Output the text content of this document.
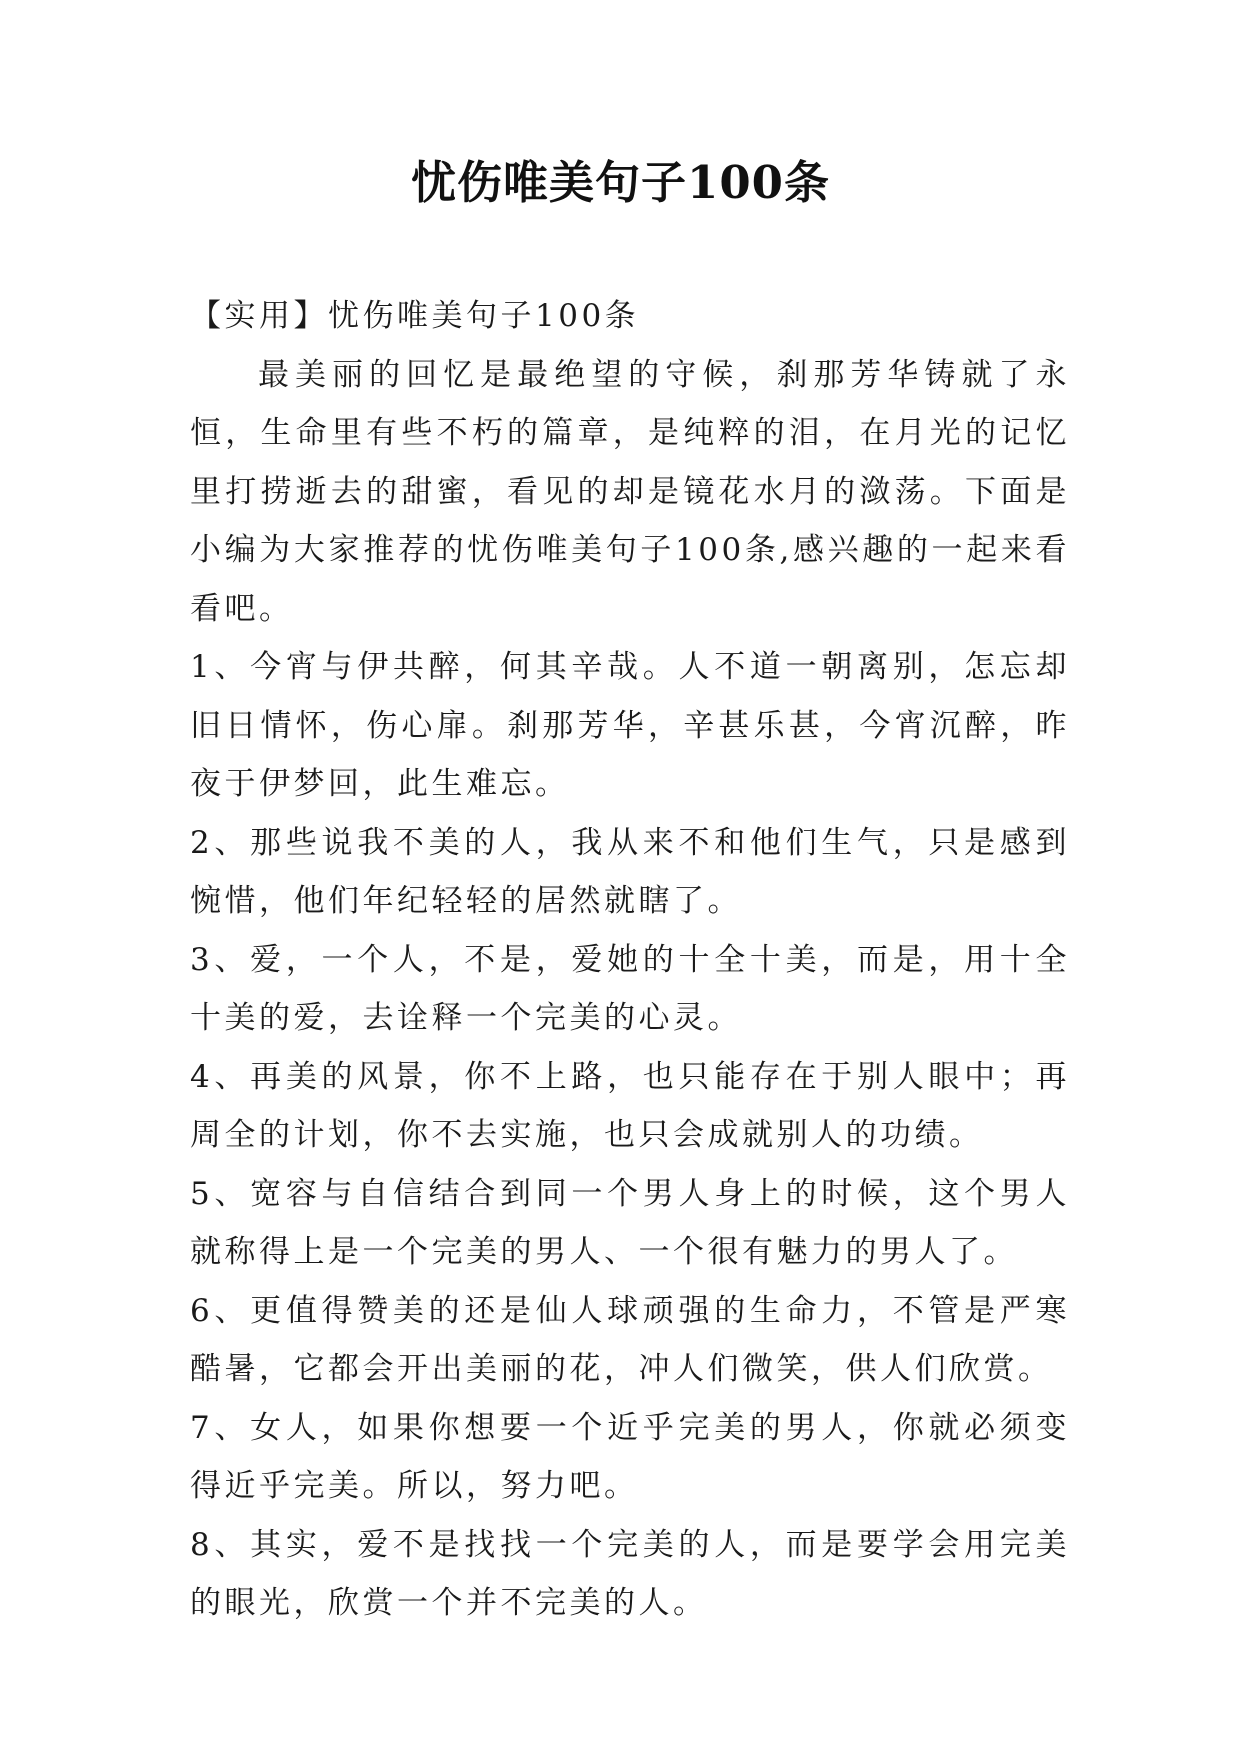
忧伤唯美句子100条

【实用】忧伤唯美句子100条

最美丽的回忆是最绝望的守候，刹那芳华铸就了永恒，生命里有些不朽的篇章，是纯粹的泪，在月光的记忆里打捞逝去的甜蜜，看见的却是镜花水月的潋荡。下面是小编为大家推荐的忧伤唯美句子100条,感兴趣的一起来看看吧。

1、今宵与伊共醉，何其辛哉。人不道一朝离别，怎忘却旧日情怀，伤心扉。刹那芳华，辛甚乐甚，今宵沉醉，昨夜于伊梦回，此生难忘。

2、那些说我不美的人，我从来不和他们生气，只是感到惋惜，他们年纪轻轻的居然就瞎了。

3、爱，一个人，不是，爱她的十全十美，而是，用十全十美的爱，去诠释一个完美的心灵。

4、再美的风景，你不上路，也只能存在于别人眼中；再周全的计划，你不去实施，也只会成就别人的功绩。

5、宽容与自信结合到同一个男人身上的时候，这个男人就称得上是一个完美的男人、一个很有魅力的男人了。

6、更值得赞美的还是仙人球顽强的生命力，不管是严寒酷暑，它都会开出美丽的花，冲人们微笑，供人们欣赏。

7、女人，如果你想要一个近乎完美的男人，你就必须变得近乎完美。所以，努力吧。

8、其实，爱不是找找一个完美的人，而是要学会用完美的眼光，欣赏一个并不完美的人。
